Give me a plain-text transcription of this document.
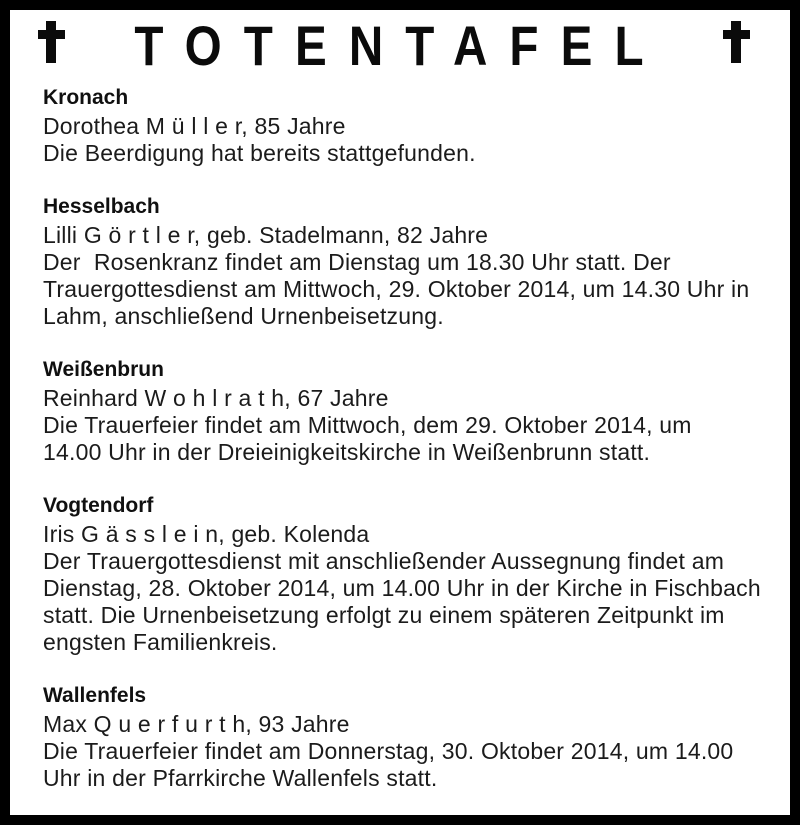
TOTENTAFEL
Kronach
Dorothea M ü l l e r, 85 Jahre
Die Beerdigung hat bereits stattgefunden.
Hesselbach
Lilli G ö r t l e r, geb. Stadelmann, 82 Jahre
Der  Rosenkranz findet am Dienstag um 18.30 Uhr statt. Der
Trauergottesdienst am Mittwoch, 29. Oktober 2014, um 14.30 Uhr in
Lahm, anschließend Urnenbeisetzung.
Weißenbrun
Reinhard W o h l r a t h, 67 Jahre
Die Trauerfeier findet am Mittwoch, dem 29. Oktober 2014, um
14.00 Uhr in der Dreieinigkeitskirche in Weißenbrunn statt.
Vogtendorf
Iris G ä s s l e i n, geb. Kolenda
Der Trauergottesdienst mit anschließender Aussegnung findet am
Dienstag, 28. Oktober 2014, um 14.00 Uhr in der Kirche in Fischbach
statt. Die Urnenbeisetzung erfolgt zu einem späteren Zeitpunkt im
engsten Familienkreis.
Wallenfels
Max Q u e r f u r t h, 93 Jahre
Die Trauerfeier findet am Donnerstag, 30. Oktober 2014, um 14.00
Uhr in der Pfarrkirche Wallenfels statt.
